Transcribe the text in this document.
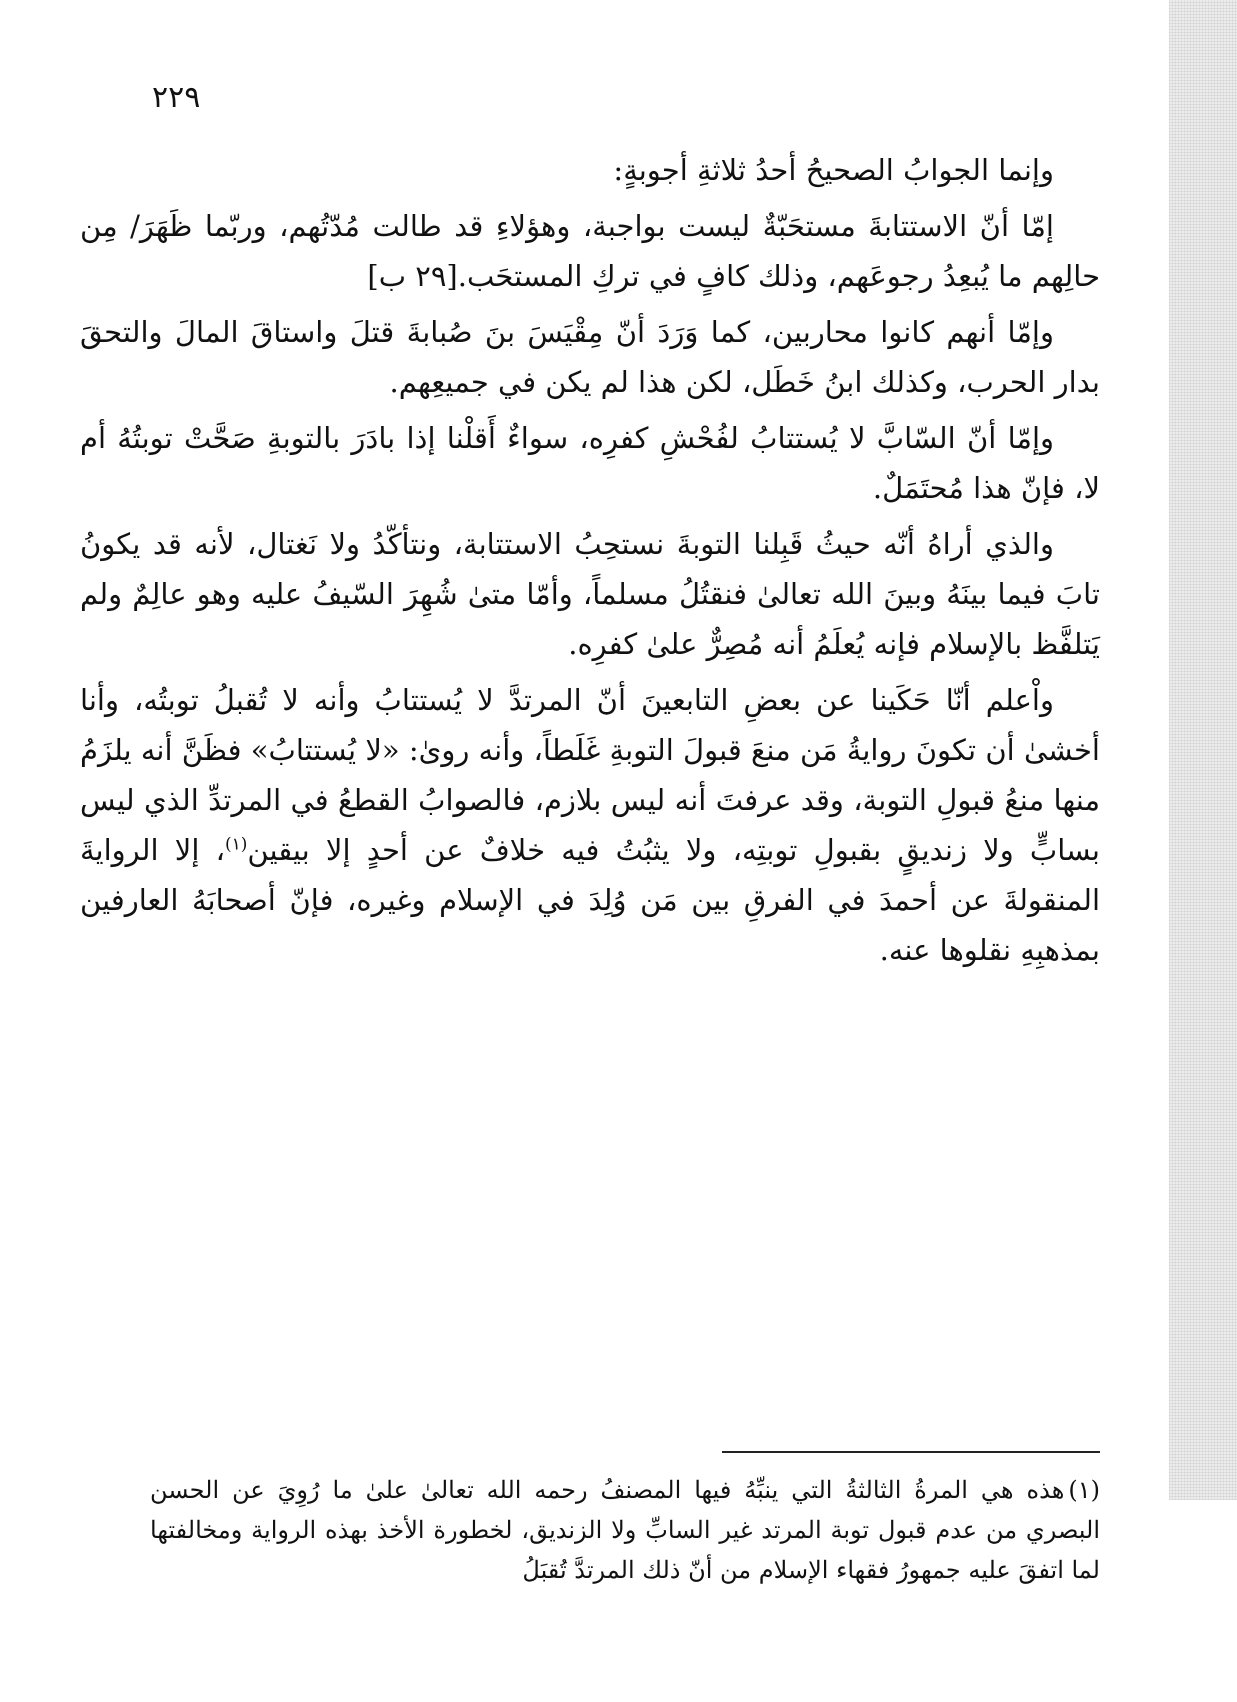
٢٢٩

وإنما الجوابُ الصحيحُ أحدُ ثلاثةِ أجوبةٍ:

إمّا أنّ الاستتابةَ مستحَبّةٌ ليست بواجبة، وهؤلاءِ قد طالت مُدّتُهم، وربّما ظَهَرَ/ مِن حالِهم ما يُبعِدُ رجوعَهم، وذلك كافٍ في تركِ المستحَب.[٢٩ ب]

وإمّا أنهم كانوا محاربين، كما وَرَدَ أنّ مِقْيَسَ بنَ صُبابةَ قتلَ واستاقَ المالَ والتحقَ بدار الحرب، وكذلك ابنُ خَطَل، لكن هذا لم يكن في جميعِهم.

وإمّا أنّ السّابَّ لا يُستتابُ لفُحْشِ كفرِه، سواءٌ أَقلْنا إذا بادَرَ بالتوبةِ صَحَّتْ توبتُهُ أم لا، فإنّ هذا مُحتَمَلٌ.

والذي أراهُ أنّه حيثُ قَبِلنا التوبةَ نستحِبُ الاستتابة، ونتأكّدُ ولا نَغتال، لأنه قد يكونُ تابَ فيما بينَهُ وبينَ الله تعالىٰ فنقتُلُ مسلماً، وأمّا متىٰ شُهِرَ السّيفُ عليه وهو عالِمٌ ولم يَتلفَّظ بالإسلام فإنه يُعلَمُ أنه مُصِرٌّ علىٰ كفرِه.

واْعلم أنّا حَكَينا عن بعضِ التابعينَ أنّ المرتدَّ لا يُستتابُ وأنه لا تُقبلُ توبتُه، وأنا أخشىٰ أن تكونَ روايةُ مَن منعَ قبولَ التوبةِ غَلَطاً، وأنه روىٰ: «لا يُستتابُ» فظَنَّ أنه يلزَمُ منها منعُ قبولِ التوبة، وقد عرفتَ أنه ليس بلازم، فالصوابُ القطعُ في المرتدِّ الذي ليس بسابٍّ ولا زنديقٍ بقبولِ توبتِه، ولا يثبُتُ فيه خلافٌ عن أحدٍ إلا بيقين$^{(١)}$، إلا الروايةَ المنقولةَ عن أحمدَ في الفرقِ بين مَن وُلِدَ في الإسلام وغيره، فإنّ أصحابَهُ العارفين بمذهبِهِ نقلوها عنه.

(١)هذه هي المرةُ الثالثةُ التي ينبِّهُ فيها المصنفُ رحمه الله تعالىٰ علىٰ ما رُوِيَ عن الحسن البصري من عدم قبول توبة المرتد غير السابِّ ولا الزنديق، لخطورة الأخذ بهذه الرواية ومخالفتها لما اتفقَ عليه جمهورُ فقهاء الإسلام من أنّ ذلك المرتدَّ تُقبَلُ
